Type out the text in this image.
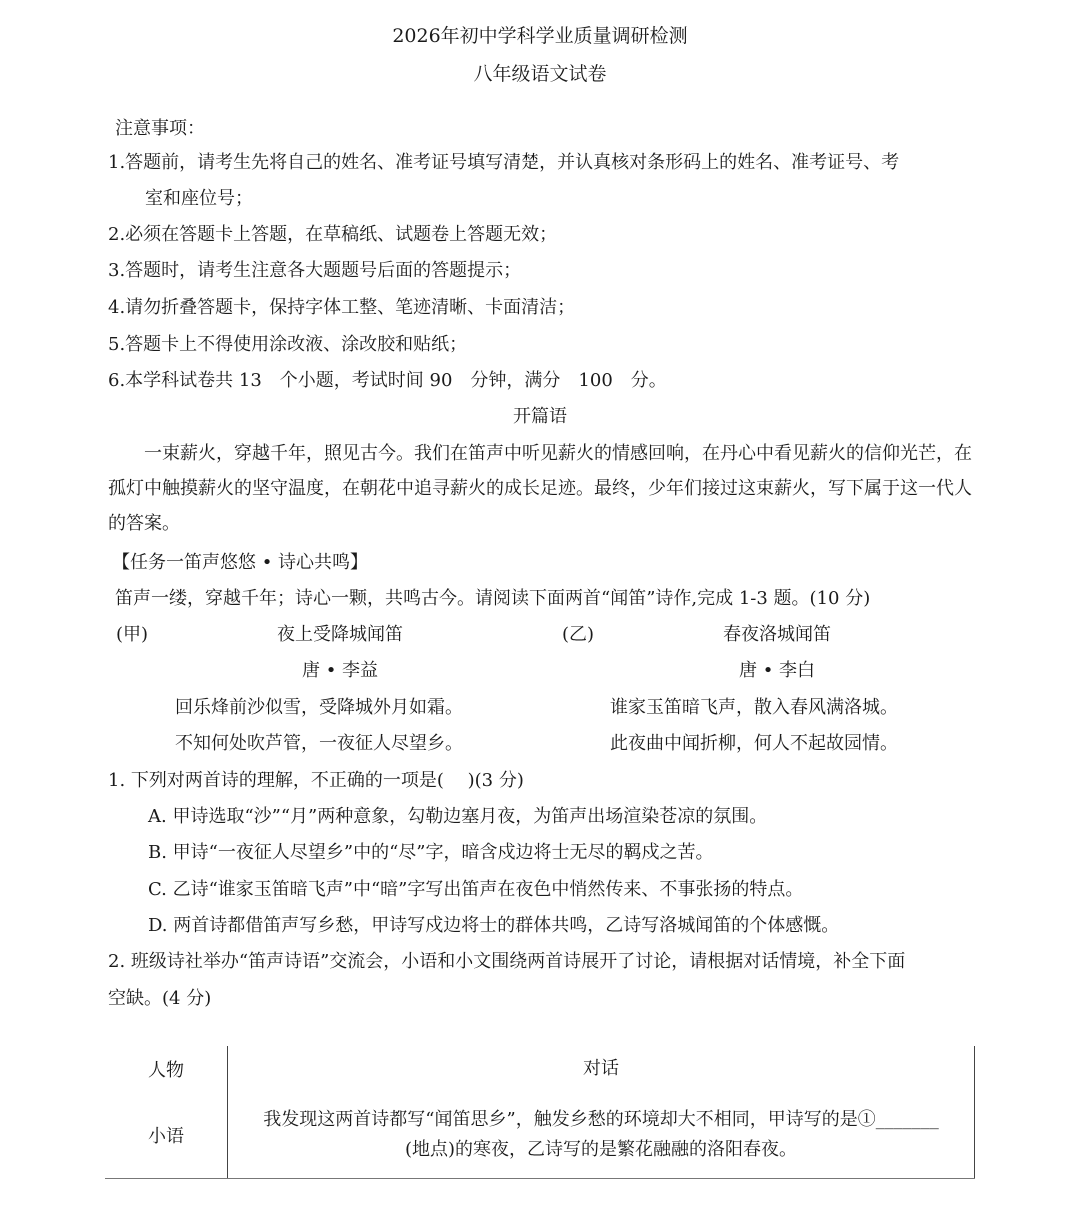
2026年初中学科学业质量调研检测
八年级语文试卷
注意事项：
1.答题前，请考生先将自己的姓名、准考证号填写清楚，并认真核对条形码上的姓名、准考证号、考
室和座位号；
2.必须在答题卡上答题，在草稿纸、试题卷上答题无效；
3.答题时，请考生注意各大题题号后面的答题提示；
4.请勿折叠答题卡，保持字体工整、笔迹清晰、卡面清洁；
5.答题卡上不得使用涂改液、涂改胶和贴纸；
6.本学科试卷共 13　个小题，考试时间 90　分钟，满分　100　分。
开篇语
一束薪火，穿越千年，照见古今。我们在笛声中听见薪火的情感回响，在丹心中看见薪火的信仰光芒，在孤灯中触摸薪火的坚守温度，在朝花中追寻薪火的成长足迹。最终，少年们接过这束薪火，写下属于这一代人的答案。
【任务一笛声悠悠 • 诗心共鸣】
笛声一缕，穿越千年；诗心一颗，共鸣古今。请阅读下面两首“闻笛”诗作,完成 1-3 题。(10 分)
(甲)	夜上受降城闻笛
唐 • 李益
回乐烽前沙似雪，受降城外月如霜。
不知何处吹芦管，一夜征人尽望乡。
(乙)	春夜洛城闻笛
唐 • 李白
谁家玉笛暗飞声，散入春风满洛城。
此夜曲中闻折柳，何人不起故园情。
1. 下列对两首诗的理解，不正确的一项是(　 )(3 分)
A. 甲诗选取“沙”“月”两种意象，勾勒边塞月夜，为笛声出场渲染苍凉的氛围。
B. 甲诗“一夜征人尽望乡”中的“尽”字，暗含戍边将士无尽的羁戍之苦。
C. 乙诗“谁家玉笛暗飞声”中“暗”字写出笛声在夜色中悄然传来、不事张扬的特点。
D. 两首诗都借笛声写乡愁，甲诗写戍边将士的群体共鸣，乙诗写洛城闻笛的个体感慨。
2. 班级诗社举办“笛声诗语”交流会，小语和小文围绕两首诗展开了讨论，请根据对话情境，补全下面
空缺。(4 分)
人物	对话
小语	我发现这两首诗都写“闻笛思乡”，触发乡愁的环境却大不相同，甲诗写的是①_______
(地点)的寒夜，乙诗写的是繁花融融的洛阳春夜。
